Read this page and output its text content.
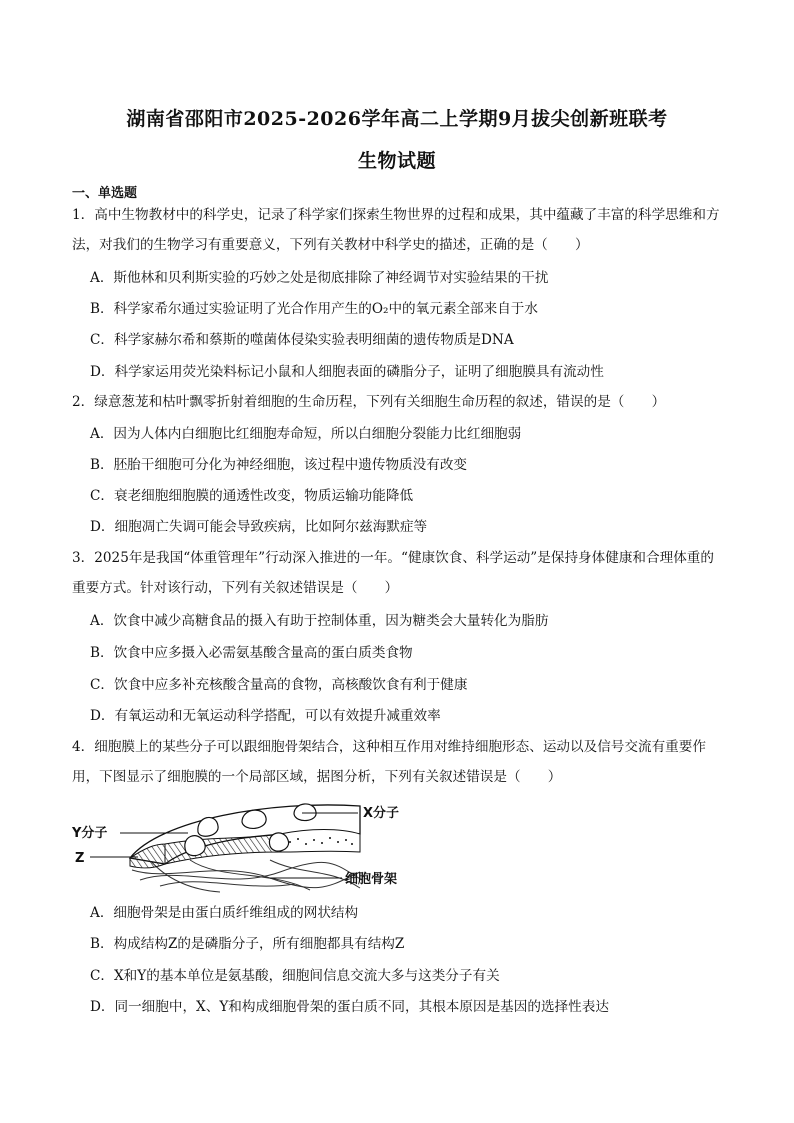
湖南省邵阳市2025-2026学年高二上学期9月拔尖创新班联考
生物试题
一、单选题
1．高中生物教材中的科学史，记录了科学家们探索生物世界的过程和成果，其中蕴藏了丰富的科学思维和方法，对我们的生物学习有重要意义，下列有关教材中科学史的描述，正确的是（　　）
A．斯他林和贝利斯实验的巧妙之处是彻底排除了神经调节对实验结果的干扰
B．科学家希尔通过实验证明了光合作用产生的O₂中的氧元素全部来自于水
C．科学家赫尔希和蔡斯的噬菌体侵染实验表明细菌的遗传物质是DNA
D．科学家运用荧光染料标记小鼠和人细胞表面的磷脂分子，证明了细胞膜具有流动性
2．绿意葱茏和枯叶飘零折射着细胞的生命历程，下列有关细胞生命历程的叙述，错误的是（　　）
A．因为人体内白细胞比红细胞寿命短，所以白细胞分裂能力比红细胞弱
B．胚胎干细胞可分化为神经细胞，该过程中遗传物质没有改变
C．衰老细胞细胞膜的通透性改变，物质运输功能降低
D．细胞凋亡失调可能会导致疾病，比如阿尔兹海默症等
3．2025年是我国“体重管理年”行动深入推进的一年。“健康饮食、科学运动”是保持身体健康和合理体重的重要方式。针对该行动，下列有关叙述错误是（　　）
A．饮食中减少高糖食品的摄入有助于控制体重，因为糖类会大量转化为脂肪
B．饮食中应多摄入必需氨基酸含量高的蛋白质类食物
C．饮食中应多补充核酸含量高的食物，高核酸饮食有利于健康
D．有氧运动和无氧运动科学搭配，可以有效提升减重效率
4．细胞膜上的某些分子可以跟细胞骨架结合，这种相互作用对维持细胞形态、运动以及信号交流有重要作用，下图显示了细胞膜的一个局部区域，据图分析，下列有关叙述错误是（　　）
X分子
Y分子
Z
细胞骨架
A．细胞骨架是由蛋白质纤维组成的网状结构
B．构成结构Z的是磷脂分子，所有细胞都具有结构Z
C．X和Y的基本单位是氨基酸，细胞间信息交流大多与这类分子有关
D．同一细胞中，X、Y和构成细胞骨架的蛋白质不同，其根本原因是基因的选择性表达
